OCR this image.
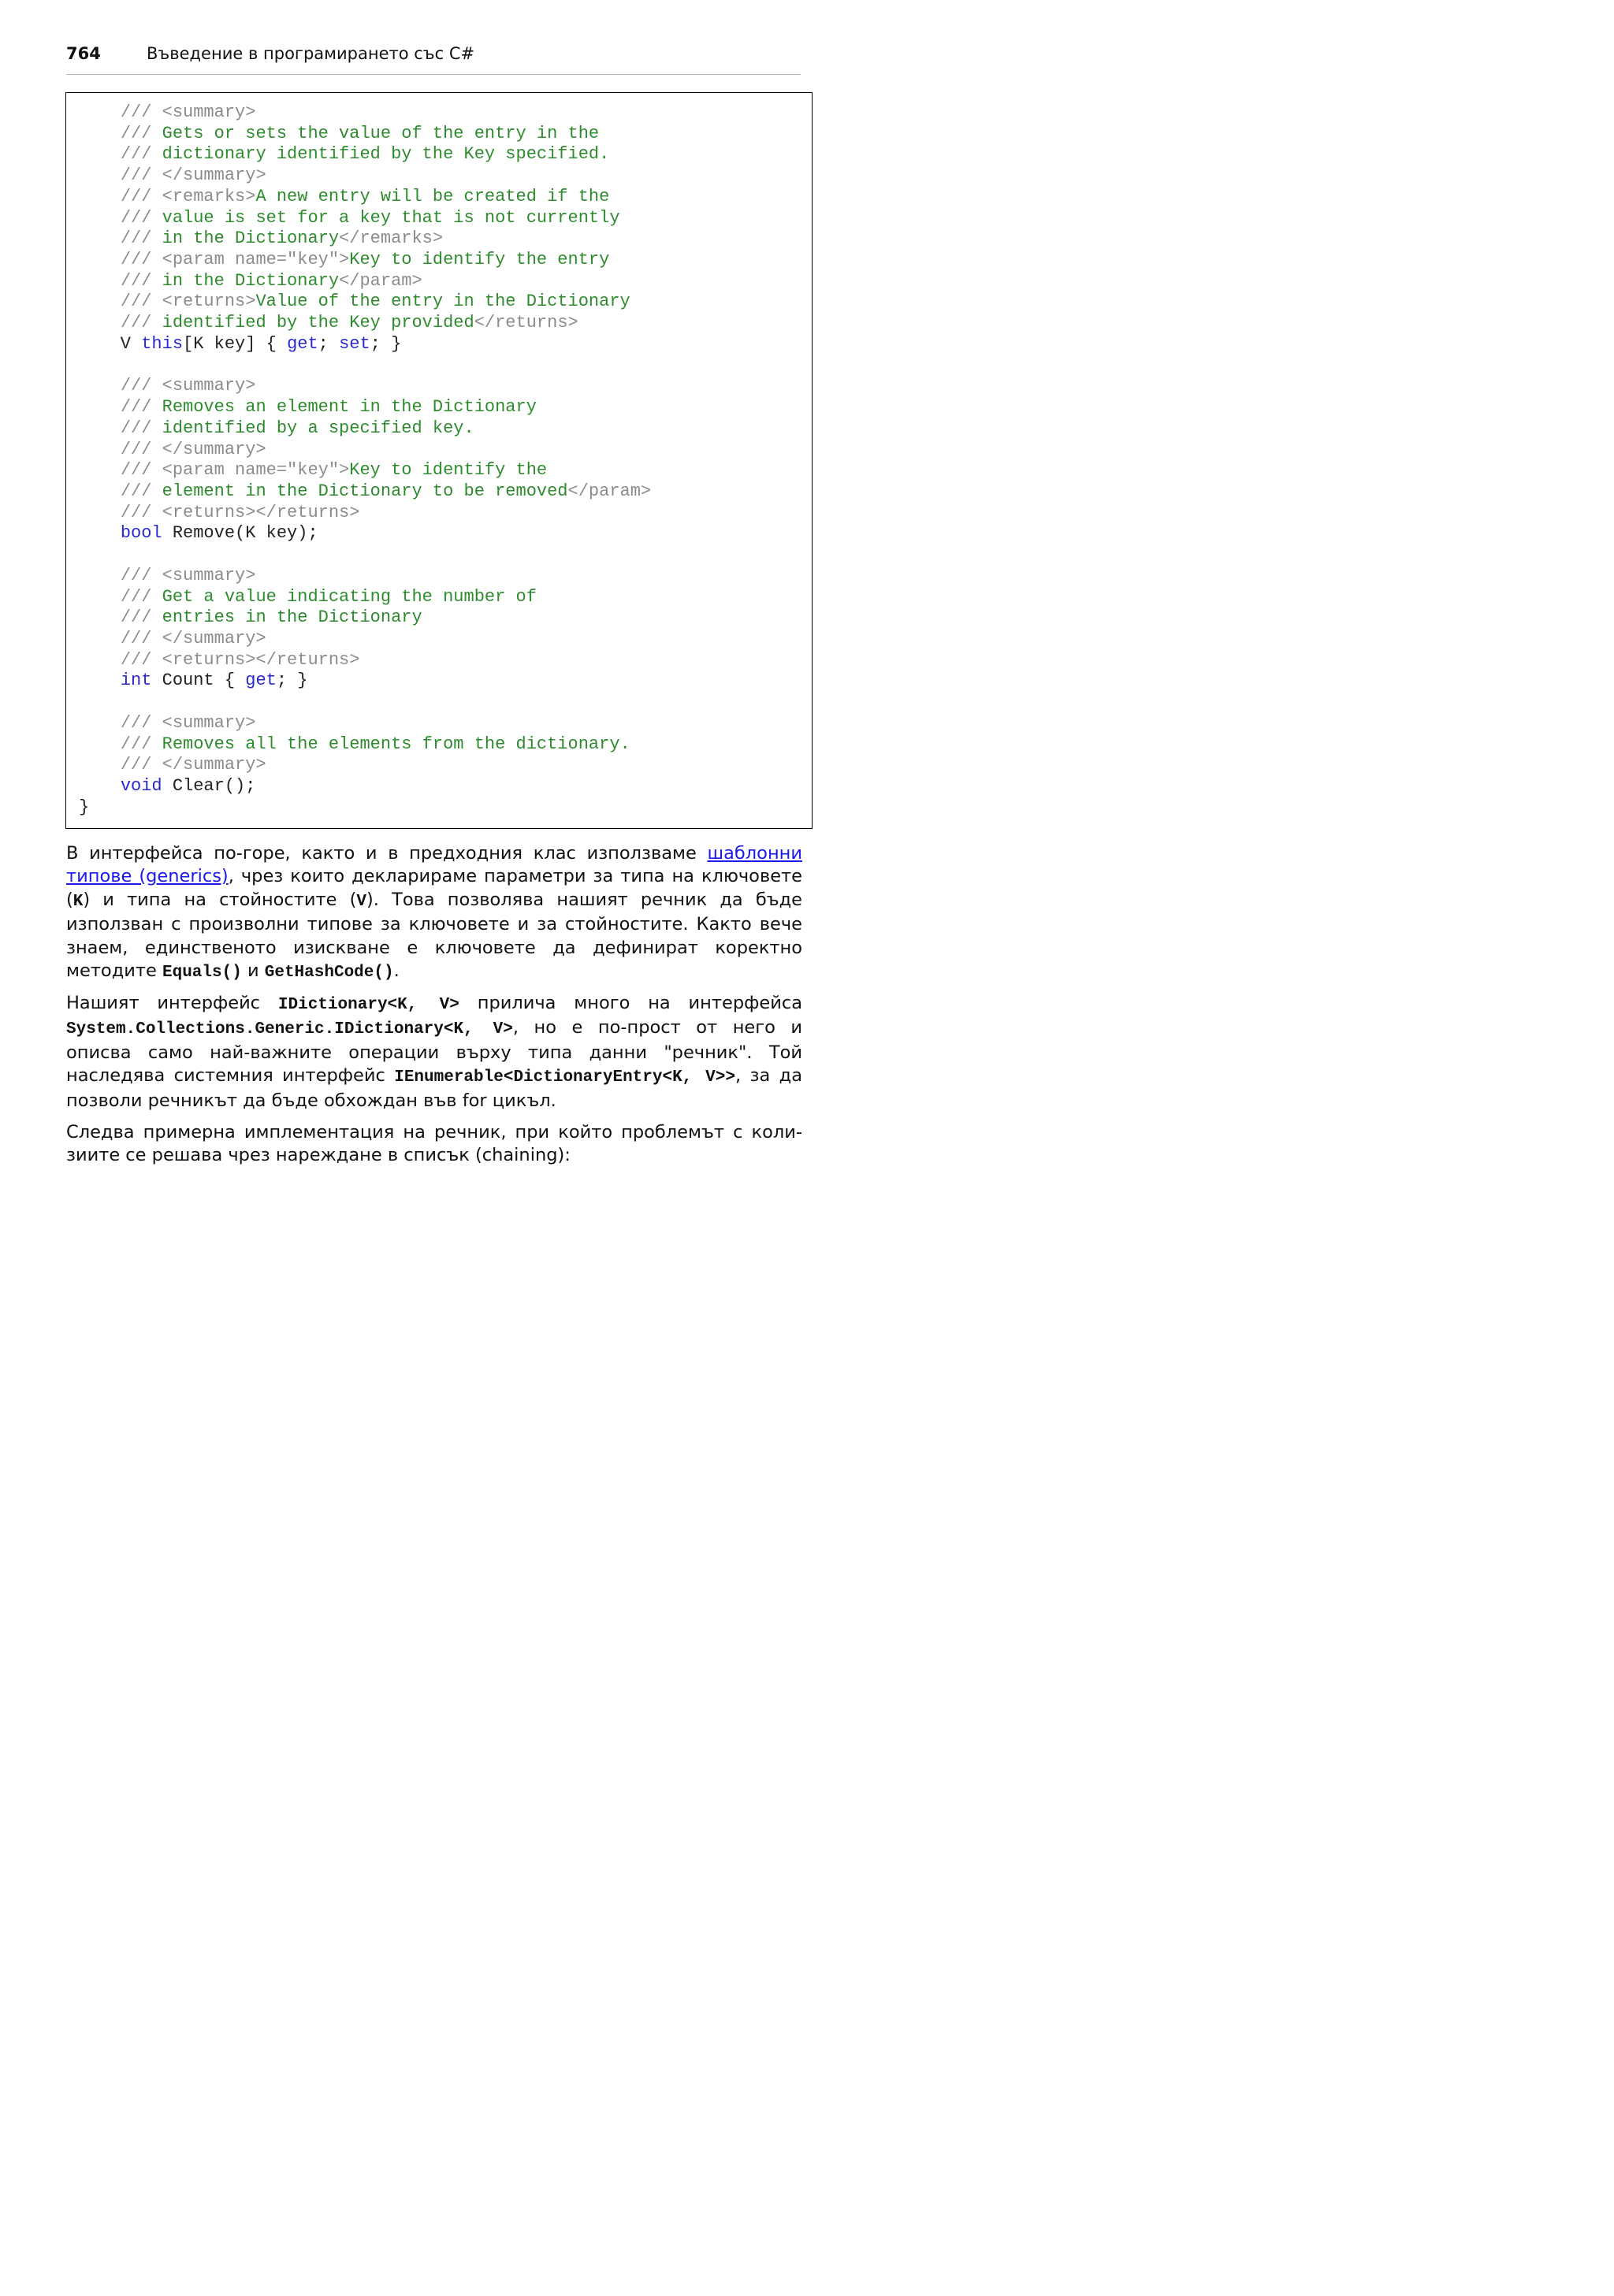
764	Въведение в програмирането със C#
/// <summary>
/// Gets or sets the value of the entry in the
/// dictionary identified by the Key specified.
/// </summary>
/// <remarks>A new entry will be created if the
/// value is set for a key that is not currently
/// in the Dictionary</remarks>
/// <param name="key">Key to identify the entry
/// in the Dictionary</param>
/// <returns>Value of the entry in the Dictionary
/// identified by the Key provided</returns>
V this[K key] { get; set; }

/// <summary>
/// Removes an element in the Dictionary
/// identified by a specified key.
/// </summary>
/// <param name="key">Key to identify the
/// element in the Dictionary to be removed</param>
/// <returns></returns>
bool Remove(K key);

/// <summary>
/// Get a value indicating the number of
/// entries in the Dictionary
/// </summary>
/// <returns></returns>
int Count { get; }

/// <summary>
/// Removes all the elements from the dictionary.
/// </summary>
void Clear();
}

В интерфейса по-горе, както и в предходния клас използваме шаблонни типове (generics), чрез които декларираме параметри за типа на ключовете (K) и типа на стойностите (V). Това позволява нашият речник да бъде използван с произволни типове за ключовете и за стойностите. Както вече знаем, единственото изискване е ключовете да дефинират коректно методите Equals() и GetHashCode().

Нашият интерфейс IDictionary<K, V> прилича много на интерфейса System.Collections.Generic.IDictionary<K, V>, но е по-прост от него и описва само най-важните операции върху типа данни "речник". Той наследява системния интерфейс IEnumerable<DictionaryEntry<K, V>>, за да позволи речникът да бъде обхождан във for цикъл.

Следва примерна имплементация на речник, при който проблемът с коли-зиите се решава чрез нареждане в списък (chaining):
